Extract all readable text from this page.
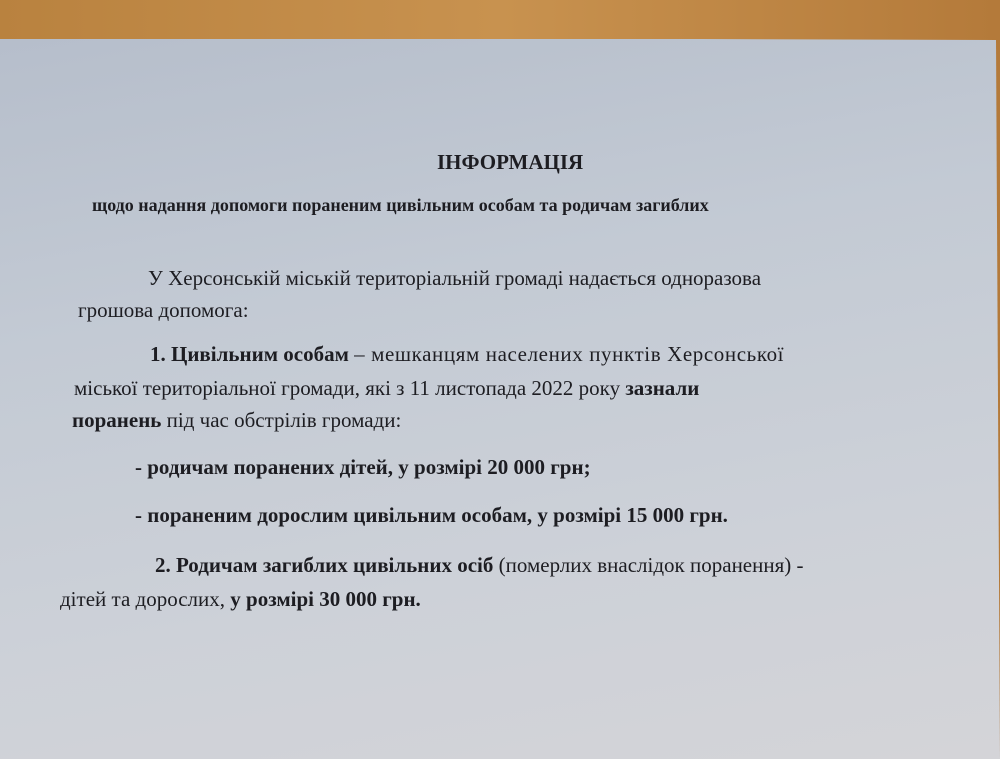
ІНФОРМАЦІЯ
щодо надання допомоги пораненим цивільним особам та родичам загиблих
У Херсонській міській територіальній громаді надається одноразова
грошова допомога:
1. Цивільним особам – мешканцям населених пунктів Херсонської
міської територіальної громади, які з 11 листопада 2022 року зазнали
поранень під час обстрілів громади:
- родичам поранених дітей, у розмірі 20 000 грн;
- пораненим дорослим цивільним особам, у розмірі 15 000 грн.
2. Родичам загиблих цивільних осіб (померлих внаслідок поранення) -
дітей та дорослих, у розмірі 30 000 грн.
